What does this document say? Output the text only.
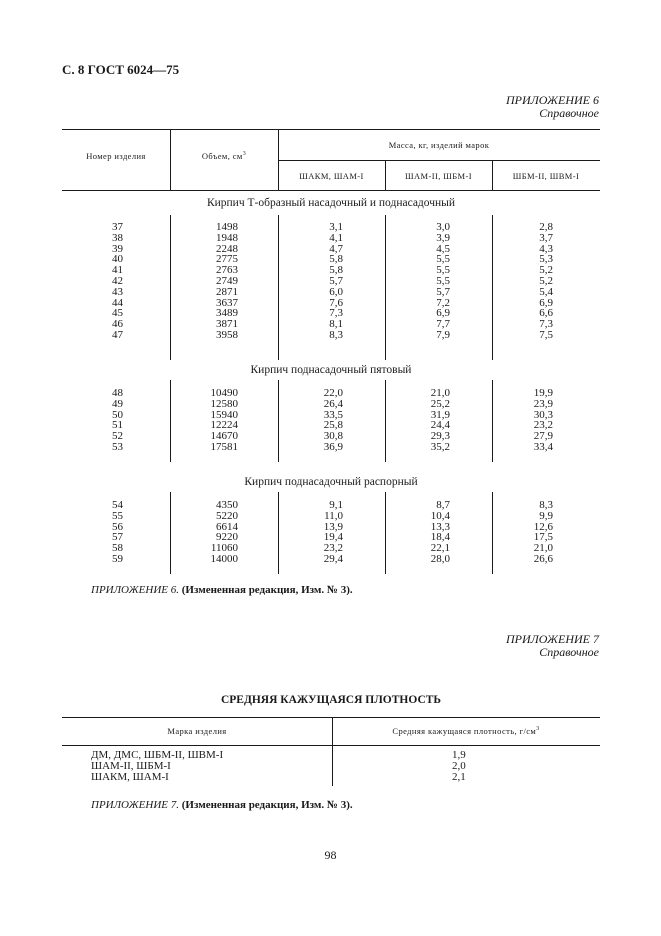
С. 8 ГОСТ 6024—75
ПРИЛОЖЕНИЕ 6
Справочное
Номер изделия	Объем, $см^3$
Масса, кг, изделий марок
ШАКМ, ШАМ-I	ШАМ-II, ШБМ-I	ШБМ-II, ШВМ-I
Кирпич Т-образный насадочный и поднасадочный
Кирпич поднасадочный пятовый
Кирпич поднасадочный распорный
37	1498	3,1	3,0	2,8
38	1948	4,1	3,9	3,7
39	2248	4,7	4,5	4,3
40	2775	5,8	5,5	5,3
41	2763	5,8	5,5	5,2
42	2749	5,7	5,5	5,2
43	2871	6,0	5,7	5,4
44	3637	7,6	7,2	6,9
45	3489	7,3	6,9	6,6
46	3871	8,1	7,7	7,3
47	3958	8,3	7,9	7,5
48	10490	22,0	21,0	19,9
49	12580	26,4	25,2	23,9
50	15940	33,5	31,9	30,3
51	12224	25,8	24,4	23,2
52	14670	30,8	29,3	27,9
53	17581	36,9	35,2	33,4
54	4350	9,1	8,7	8,3
55	5220	11,0	10,4	9,9
56	6614	13,9	13,3	12,6
57	9220	19,4	18,4	17,5
58	11060	23,2	22,1	21,0
59	14000	29,4	28,0	26,6
ПРИЛОЖЕНИЕ 6. (Измененная редакция, Изм. № 3).
ПРИЛОЖЕНИЕ 7
Справочное
СРЕДНЯЯ КАЖУЩАЯСЯ ПЛОТНОСТЬ
Марка изделия	Средняя кажущаяся плотность, $г/см^3$
ДМ, ДМС, ШБМ-II, ШВМ-I	1,9
ШАМ-II, ШБМ-I	2,0
ШАКМ, ШАМ-I	2,1
ПРИЛОЖЕНИЕ 7. (Измененная редакция, Изм. № 3).
98
